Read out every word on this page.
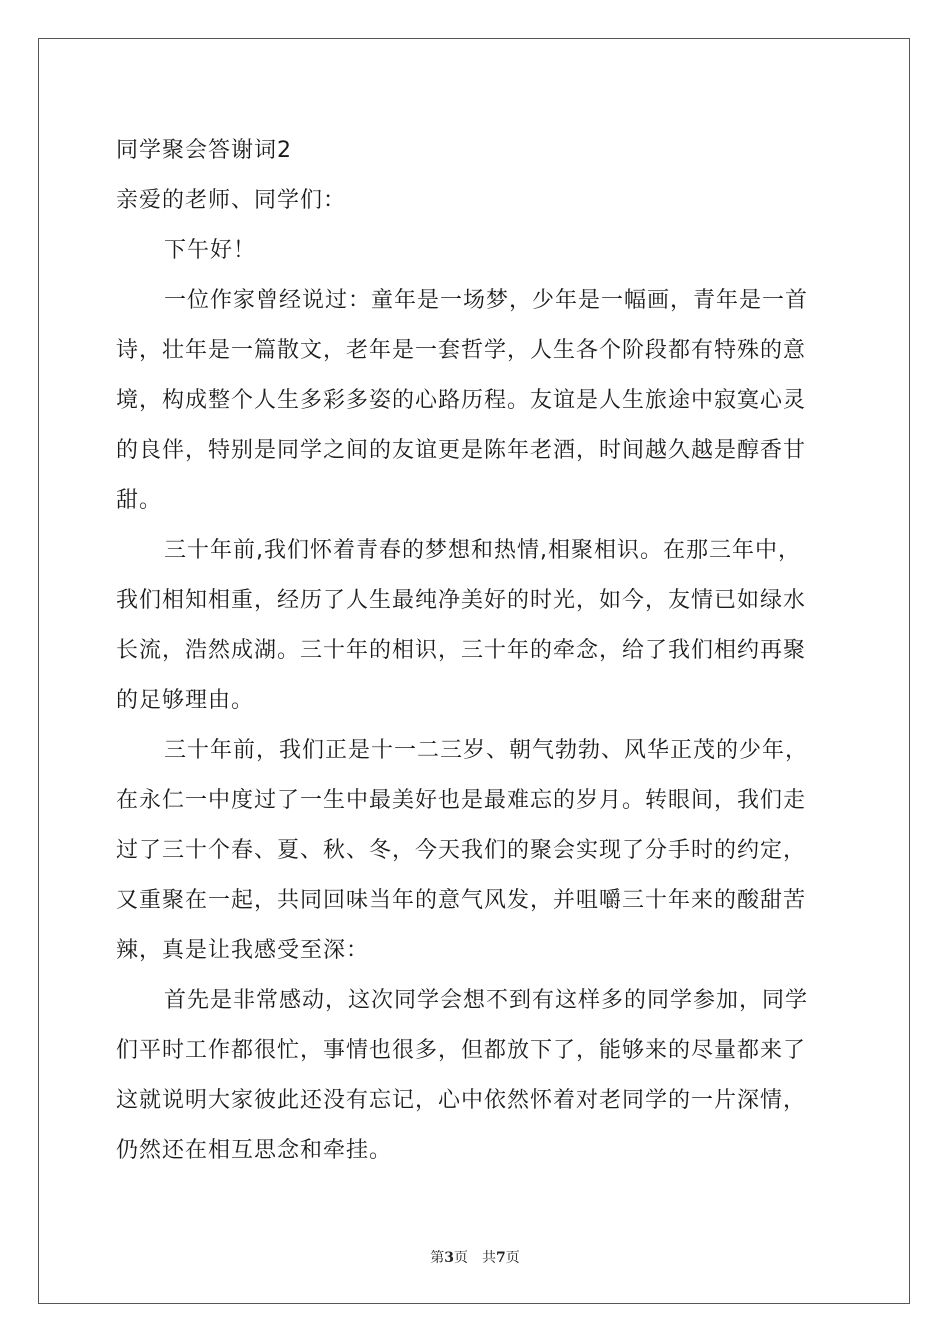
同学聚会答谢词2
亲爱的老师、同学们：
下午好！
一位作家曾经说过：童年是一场梦，少年是一幅画，青年是一首
诗，壮年是一篇散文，老年是一套哲学，人生各个阶段都有特殊的意
境，构成整个人生多彩多姿的心路历程。友谊是人生旅途中寂寞心灵
的良伴，特别是同学之间的友谊更是陈年老酒，时间越久越是醇香甘
甜。
三十年前,我们怀着青春的梦想和热情,相聚相识。在那三年中，
我们相知相重，经历了人生最纯净美好的时光，如今，友情已如绿水
长流，浩然成湖。三十年的相识，三十年的牵念，给了我们相约再聚
的足够理由。
三十年前，我们正是十一二三岁、朝气勃勃、风华正茂的少年，
在永仁一中度过了一生中最美好也是最难忘的岁月。转眼间，我们走
过了三十个春、夏、秋、冬，今天我们的聚会实现了分手时的约定，
又重聚在一起，共同回味当年的意气风发，并咀嚼三十年来的酸甜苦
辣，真是让我感受至深：
首先是非常感动，这次同学会想不到有这样多的同学参加，同学
们平时工作都很忙，事情也很多，但都放下了，能够来的尽量都来了
这就说明大家彼此还没有忘记，心中依然怀着对老同学的一片深情，
仍然还在相互思念和牵挂。
第3页　共7页
